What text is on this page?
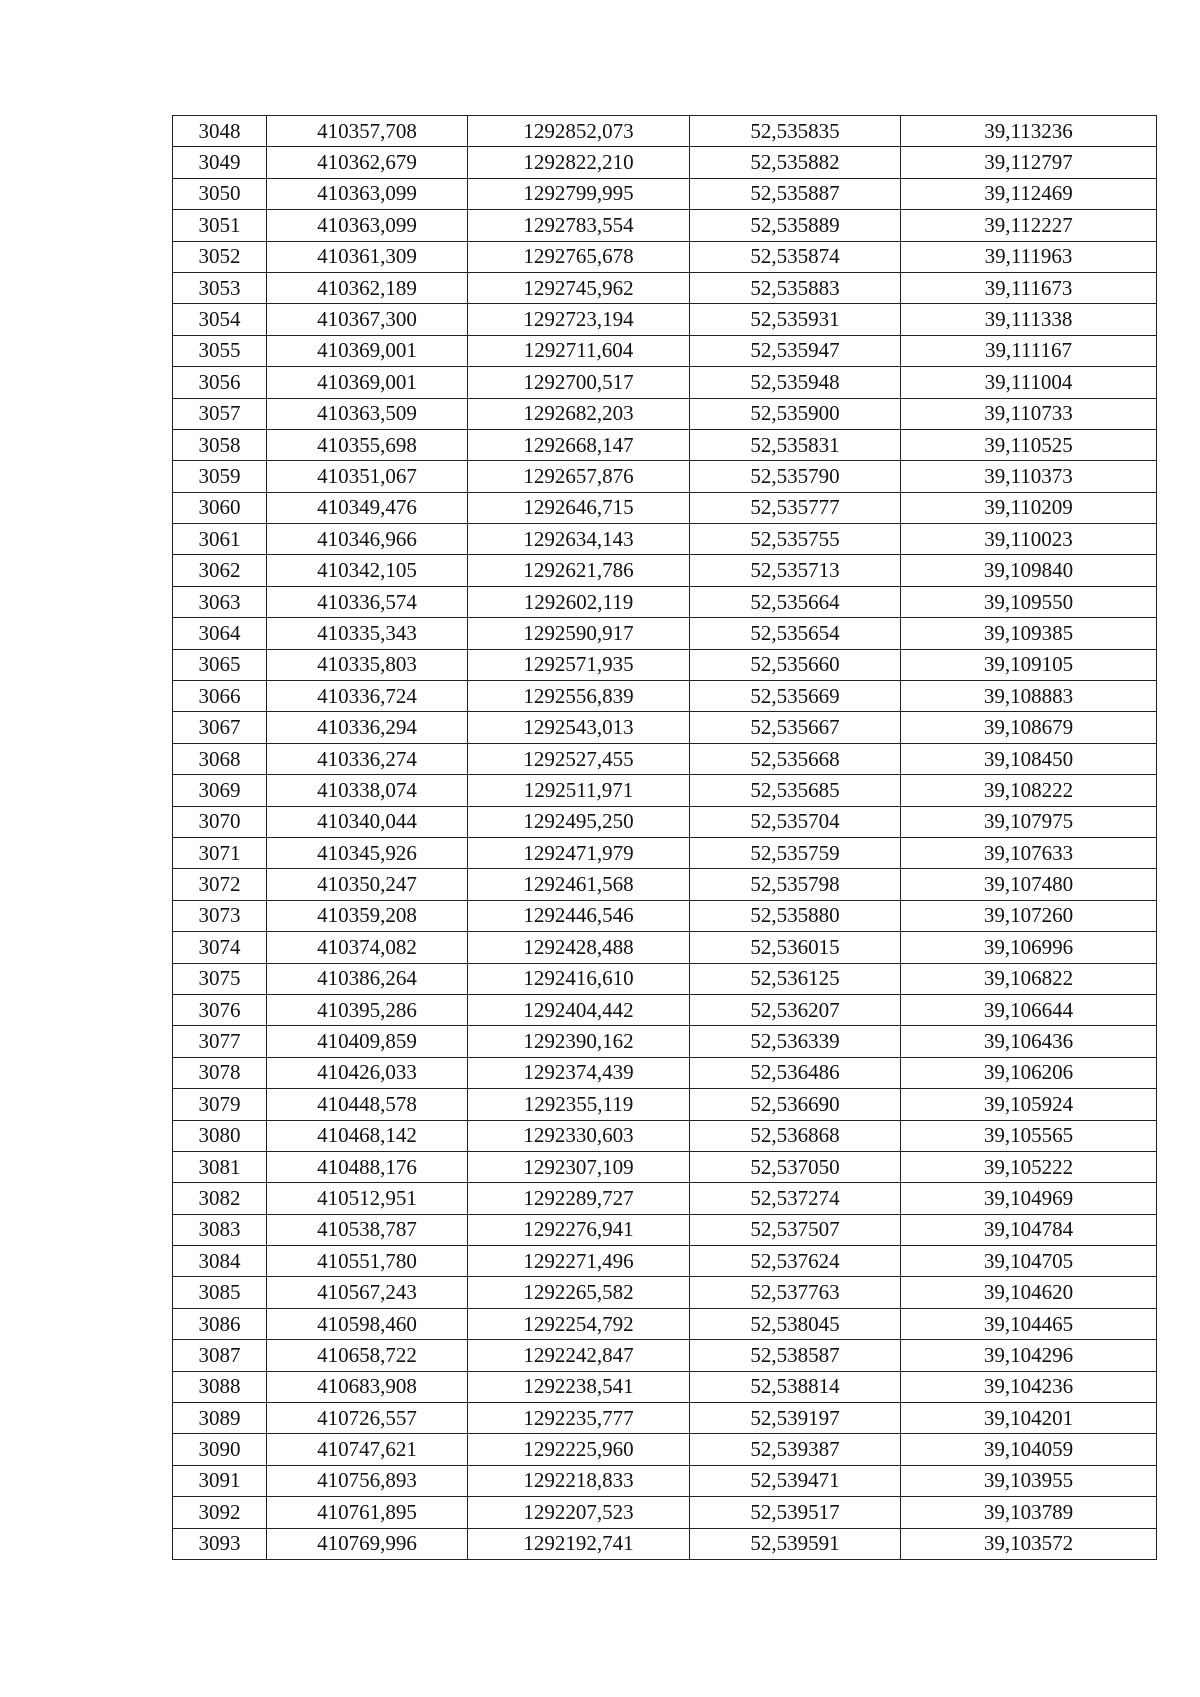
3048	410357,708	1292852,073	52,535835	39,113236
3049	410362,679	1292822,210	52,535882	39,112797
3050	410363,099	1292799,995	52,535887	39,112469
3051	410363,099	1292783,554	52,535889	39,112227
3052	410361,309	1292765,678	52,535874	39,111963
3053	410362,189	1292745,962	52,535883	39,111673
3054	410367,300	1292723,194	52,535931	39,111338
3055	410369,001	1292711,604	52,535947	39,111167
3056	410369,001	1292700,517	52,535948	39,111004
3057	410363,509	1292682,203	52,535900	39,110733
3058	410355,698	1292668,147	52,535831	39,110525
3059	410351,067	1292657,876	52,535790	39,110373
3060	410349,476	1292646,715	52,535777	39,110209
3061	410346,966	1292634,143	52,535755	39,110023
3062	410342,105	1292621,786	52,535713	39,109840
3063	410336,574	1292602,119	52,535664	39,109550
3064	410335,343	1292590,917	52,535654	39,109385
3065	410335,803	1292571,935	52,535660	39,109105
3066	410336,724	1292556,839	52,535669	39,108883
3067	410336,294	1292543,013	52,535667	39,108679
3068	410336,274	1292527,455	52,535668	39,108450
3069	410338,074	1292511,971	52,535685	39,108222
3070	410340,044	1292495,250	52,535704	39,107975
3071	410345,926	1292471,979	52,535759	39,107633
3072	410350,247	1292461,568	52,535798	39,107480
3073	410359,208	1292446,546	52,535880	39,107260
3074	410374,082	1292428,488	52,536015	39,106996
3075	410386,264	1292416,610	52,536125	39,106822
3076	410395,286	1292404,442	52,536207	39,106644
3077	410409,859	1292390,162	52,536339	39,106436
3078	410426,033	1292374,439	52,536486	39,106206
3079	410448,578	1292355,119	52,536690	39,105924
3080	410468,142	1292330,603	52,536868	39,105565
3081	410488,176	1292307,109	52,537050	39,105222
3082	410512,951	1292289,727	52,537274	39,104969
3083	410538,787	1292276,941	52,537507	39,104784
3084	410551,780	1292271,496	52,537624	39,104705
3085	410567,243	1292265,582	52,537763	39,104620
3086	410598,460	1292254,792	52,538045	39,104465
3087	410658,722	1292242,847	52,538587	39,104296
3088	410683,908	1292238,541	52,538814	39,104236
3089	410726,557	1292235,777	52,539197	39,104201
3090	410747,621	1292225,960	52,539387	39,104059
3091	410756,893	1292218,833	52,539471	39,103955
3092	410761,895	1292207,523	52,539517	39,103789
3093	410769,996	1292192,741	52,539591	39,103572
